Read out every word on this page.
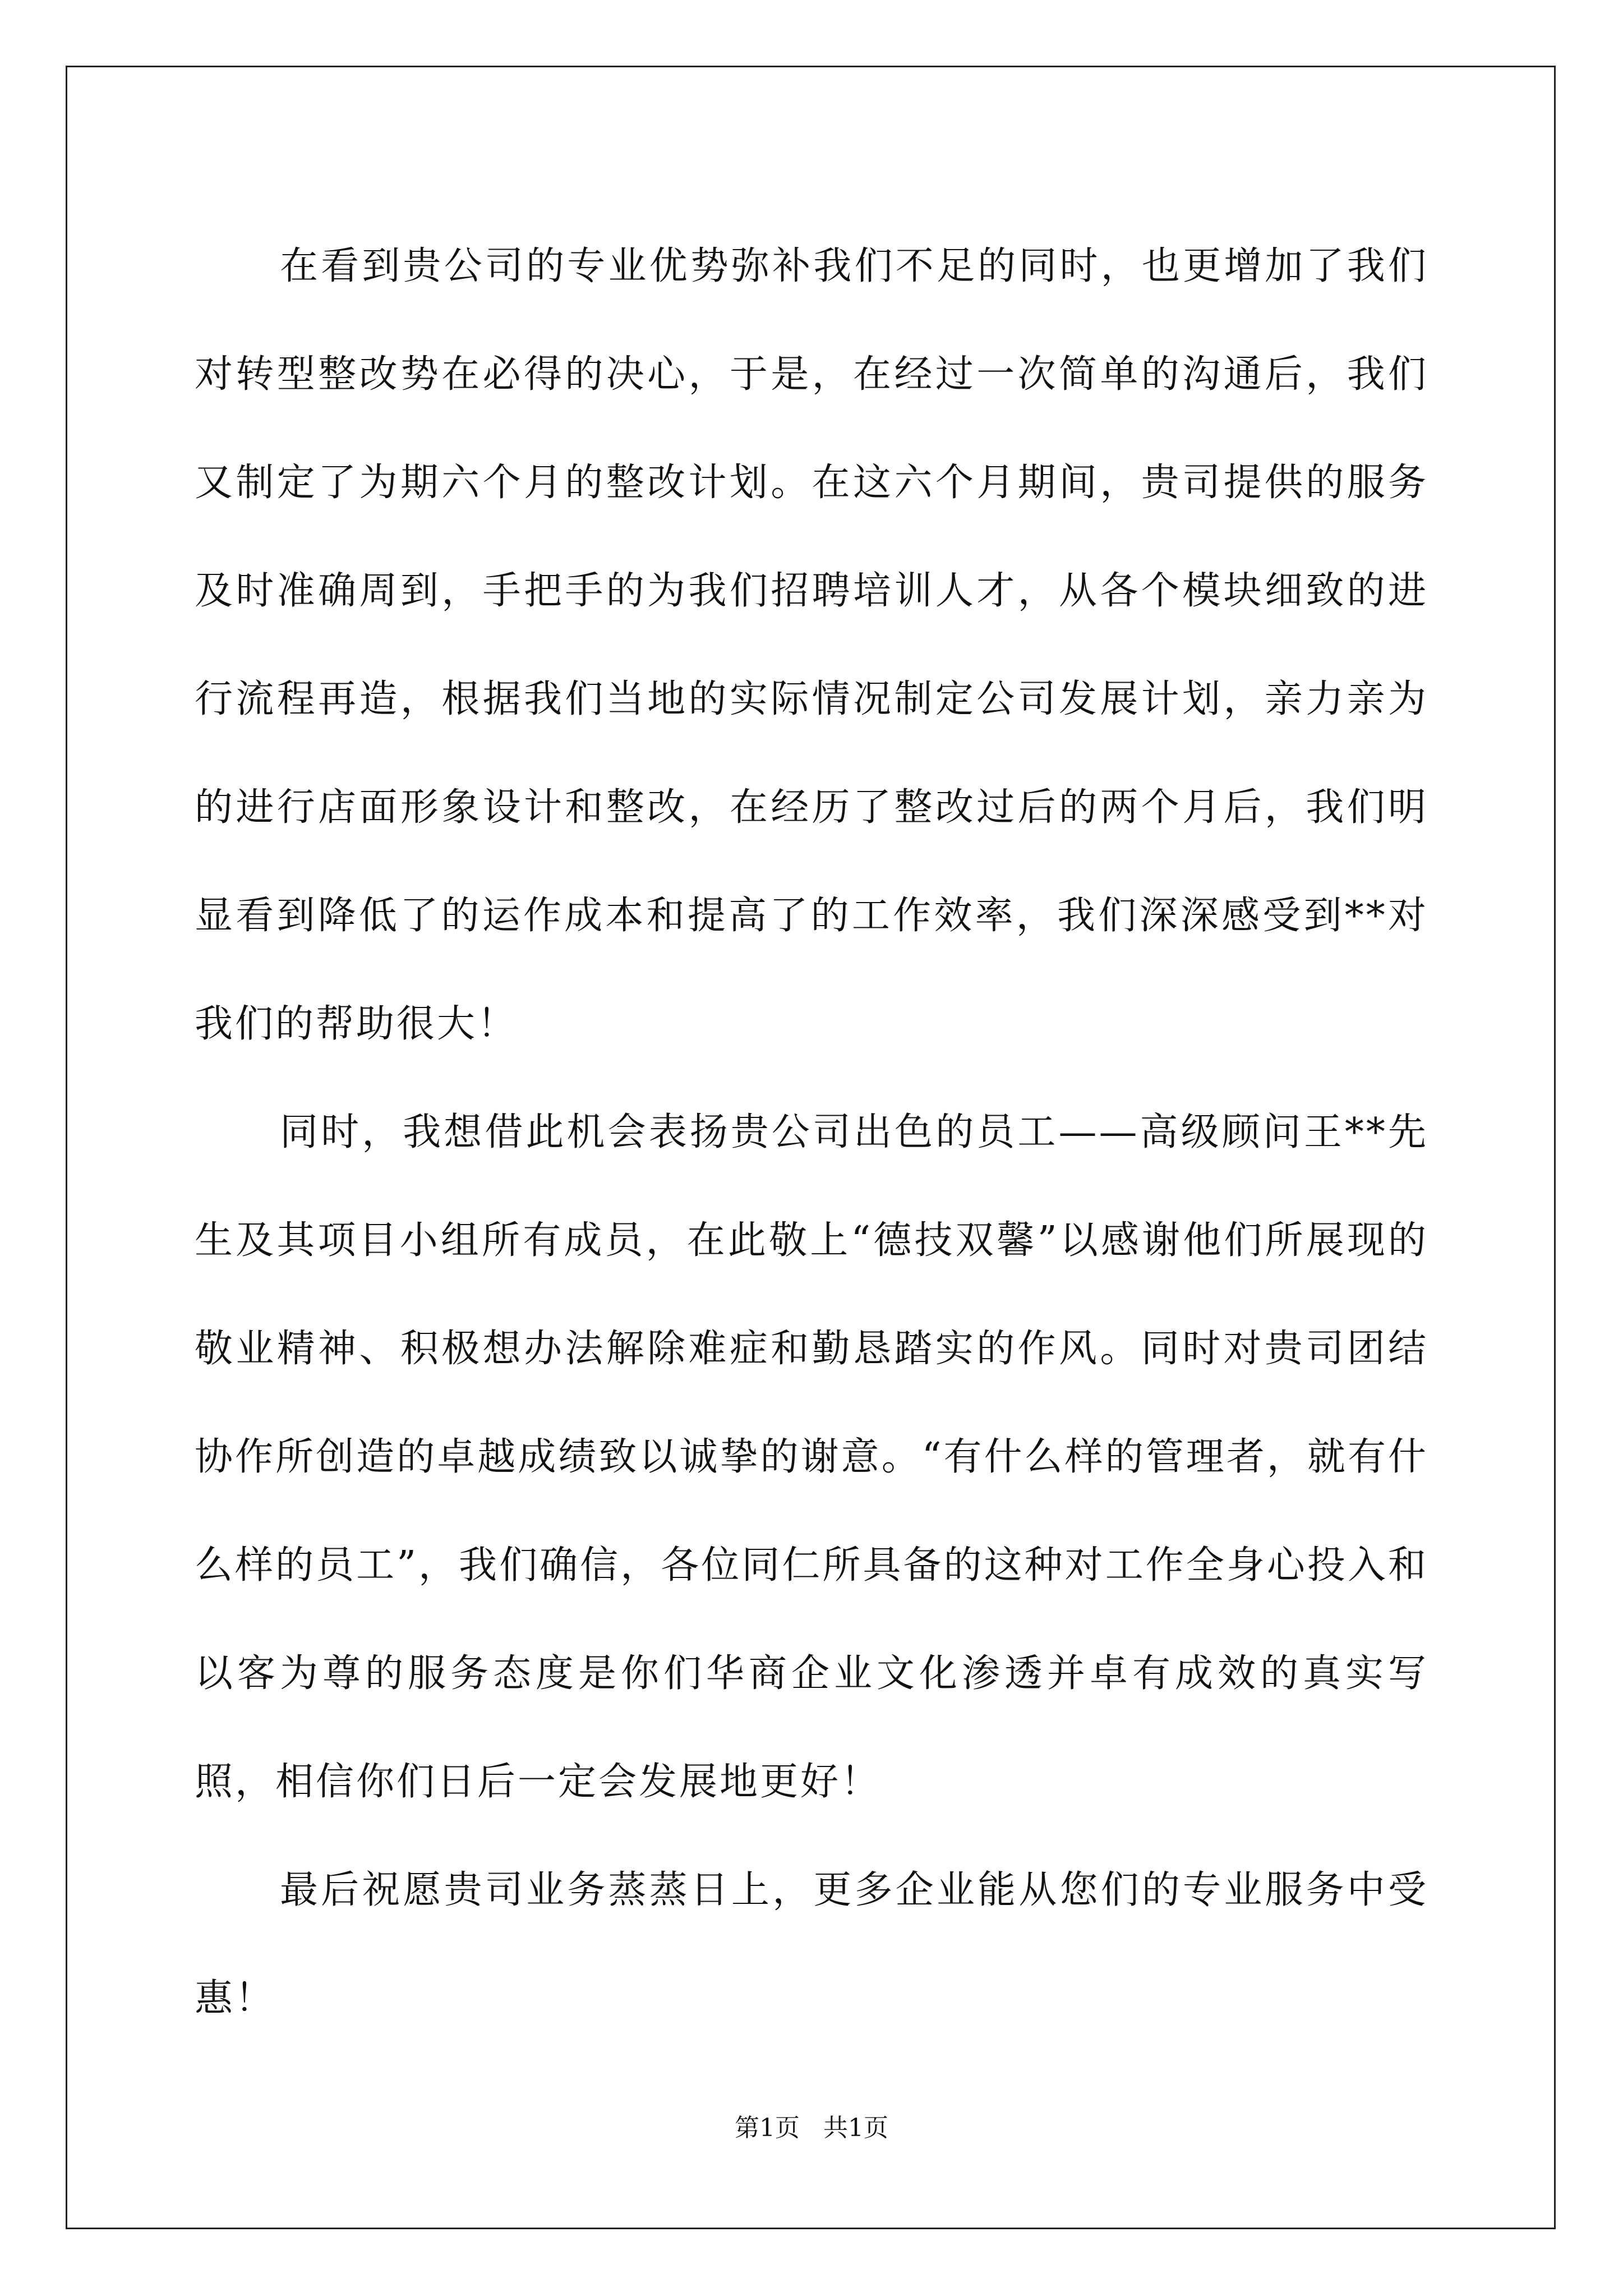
在看到贵公司的专业优势弥补我们不足的同时，也更增加了我们对转型整改势在必得的决心，于是，在经过一次简单的沟通后，我们又制定了为期六个月的整改计划。在这六个月期间，贵司提供的服务及时准确周到，手把手的为我们招聘培训人才，从各个模块细致的进行流程再造，根据我们当地的实际情况制定公司发展计划，亲力亲为的进行店面形象设计和整改，在经历了整改过后的两个月后，我们明显看到降低了的运作成本和提高了的工作效率，我们深深感受到**对我们的帮助很大！

同时，我想借此机会表扬贵公司出色的员工——高级顾问王**先生及其项目小组所有成员，在此敬上“德技双馨”以感谢他们所展现的敬业精神、积极想办法解除难症和勤恳踏实的作风。同时对贵司团结协作所创造的卓越成绩致以诚挚的谢意。“有什么样的管理者，就有什么样的员工”，我们确信，各位同仁所具备的这种对工作全身心投入和以客为尊的服务态度是你们华商企业文化渗透并卓有成效的真实写照，相信你们日后一定会发展地更好！

最后祝愿贵司业务蒸蒸日上，更多企业能从您们的专业服务中受惠！

第1页 共1页
